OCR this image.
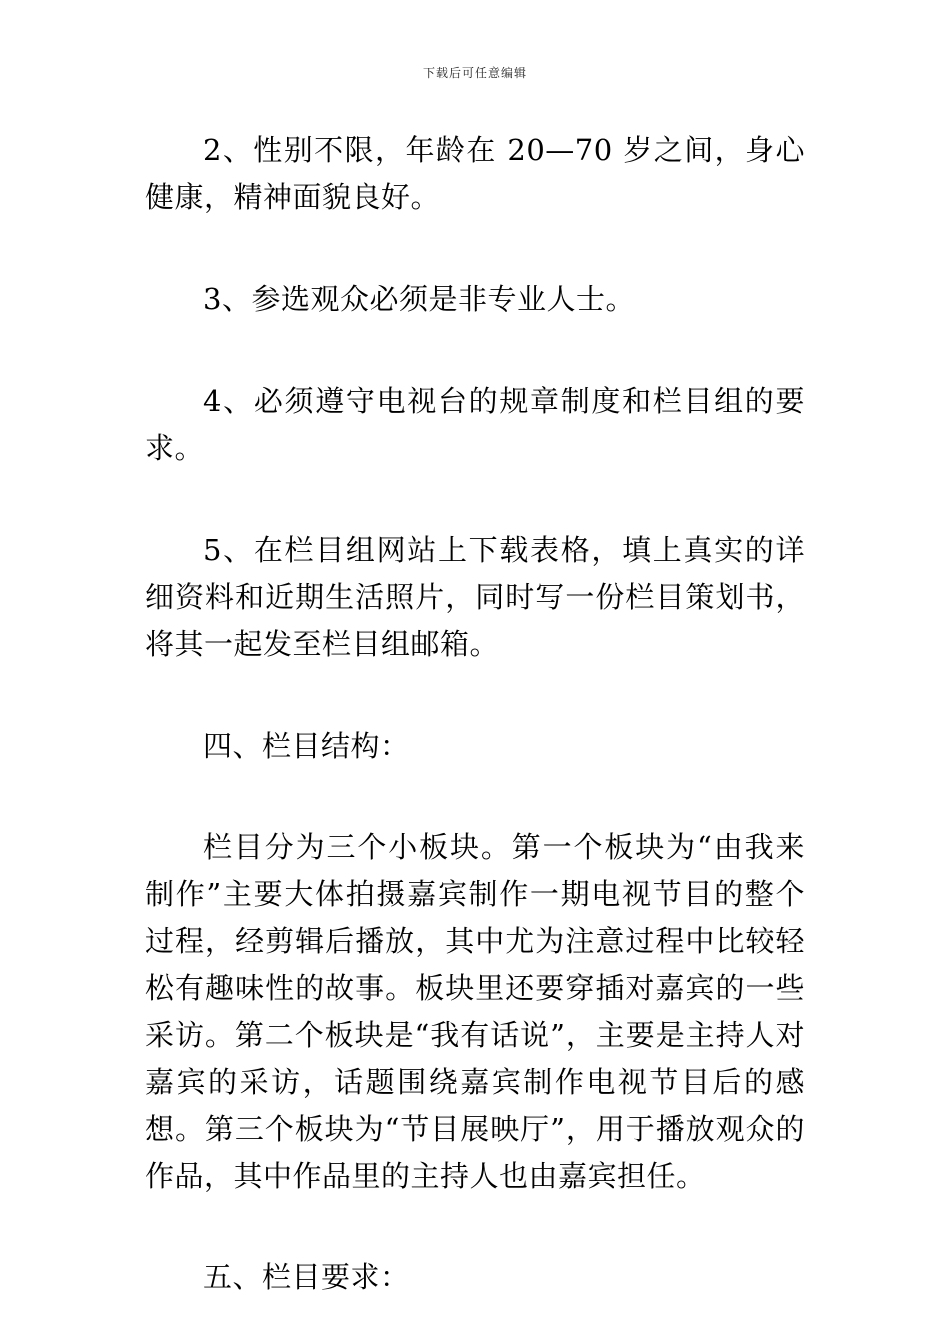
下载后可任意编辑

2、性别不限，年龄在 20—70 岁之间，身心健康，精神面貌良好。

3、参选观众必须是非专业人士。

4、必须遵守电视台的规章制度和栏目组的要求。

5、在栏目组网站上下载表格，填上真实的详细资料和近期生活照片，同时写一份栏目策划书，将其一起发至栏目组邮箱。

四、栏目结构：

栏目分为三个小板块。第一个板块为“由我来制作”主要大体拍摄嘉宾制作一期电视节目的整个过程，经剪辑后播放，其中尤为注意过程中比较轻松有趣味性的故事。板块里还要穿插对嘉宾的一些采访。第二个板块是“我有话说”，主要是主持人对嘉宾的采访，话题围绕嘉宾制作电视节目后的感想。第三个板块为“节目展映厅”，用于播放观众的作品，其中作品里的主持人也由嘉宾担任。

五、栏目要求：
